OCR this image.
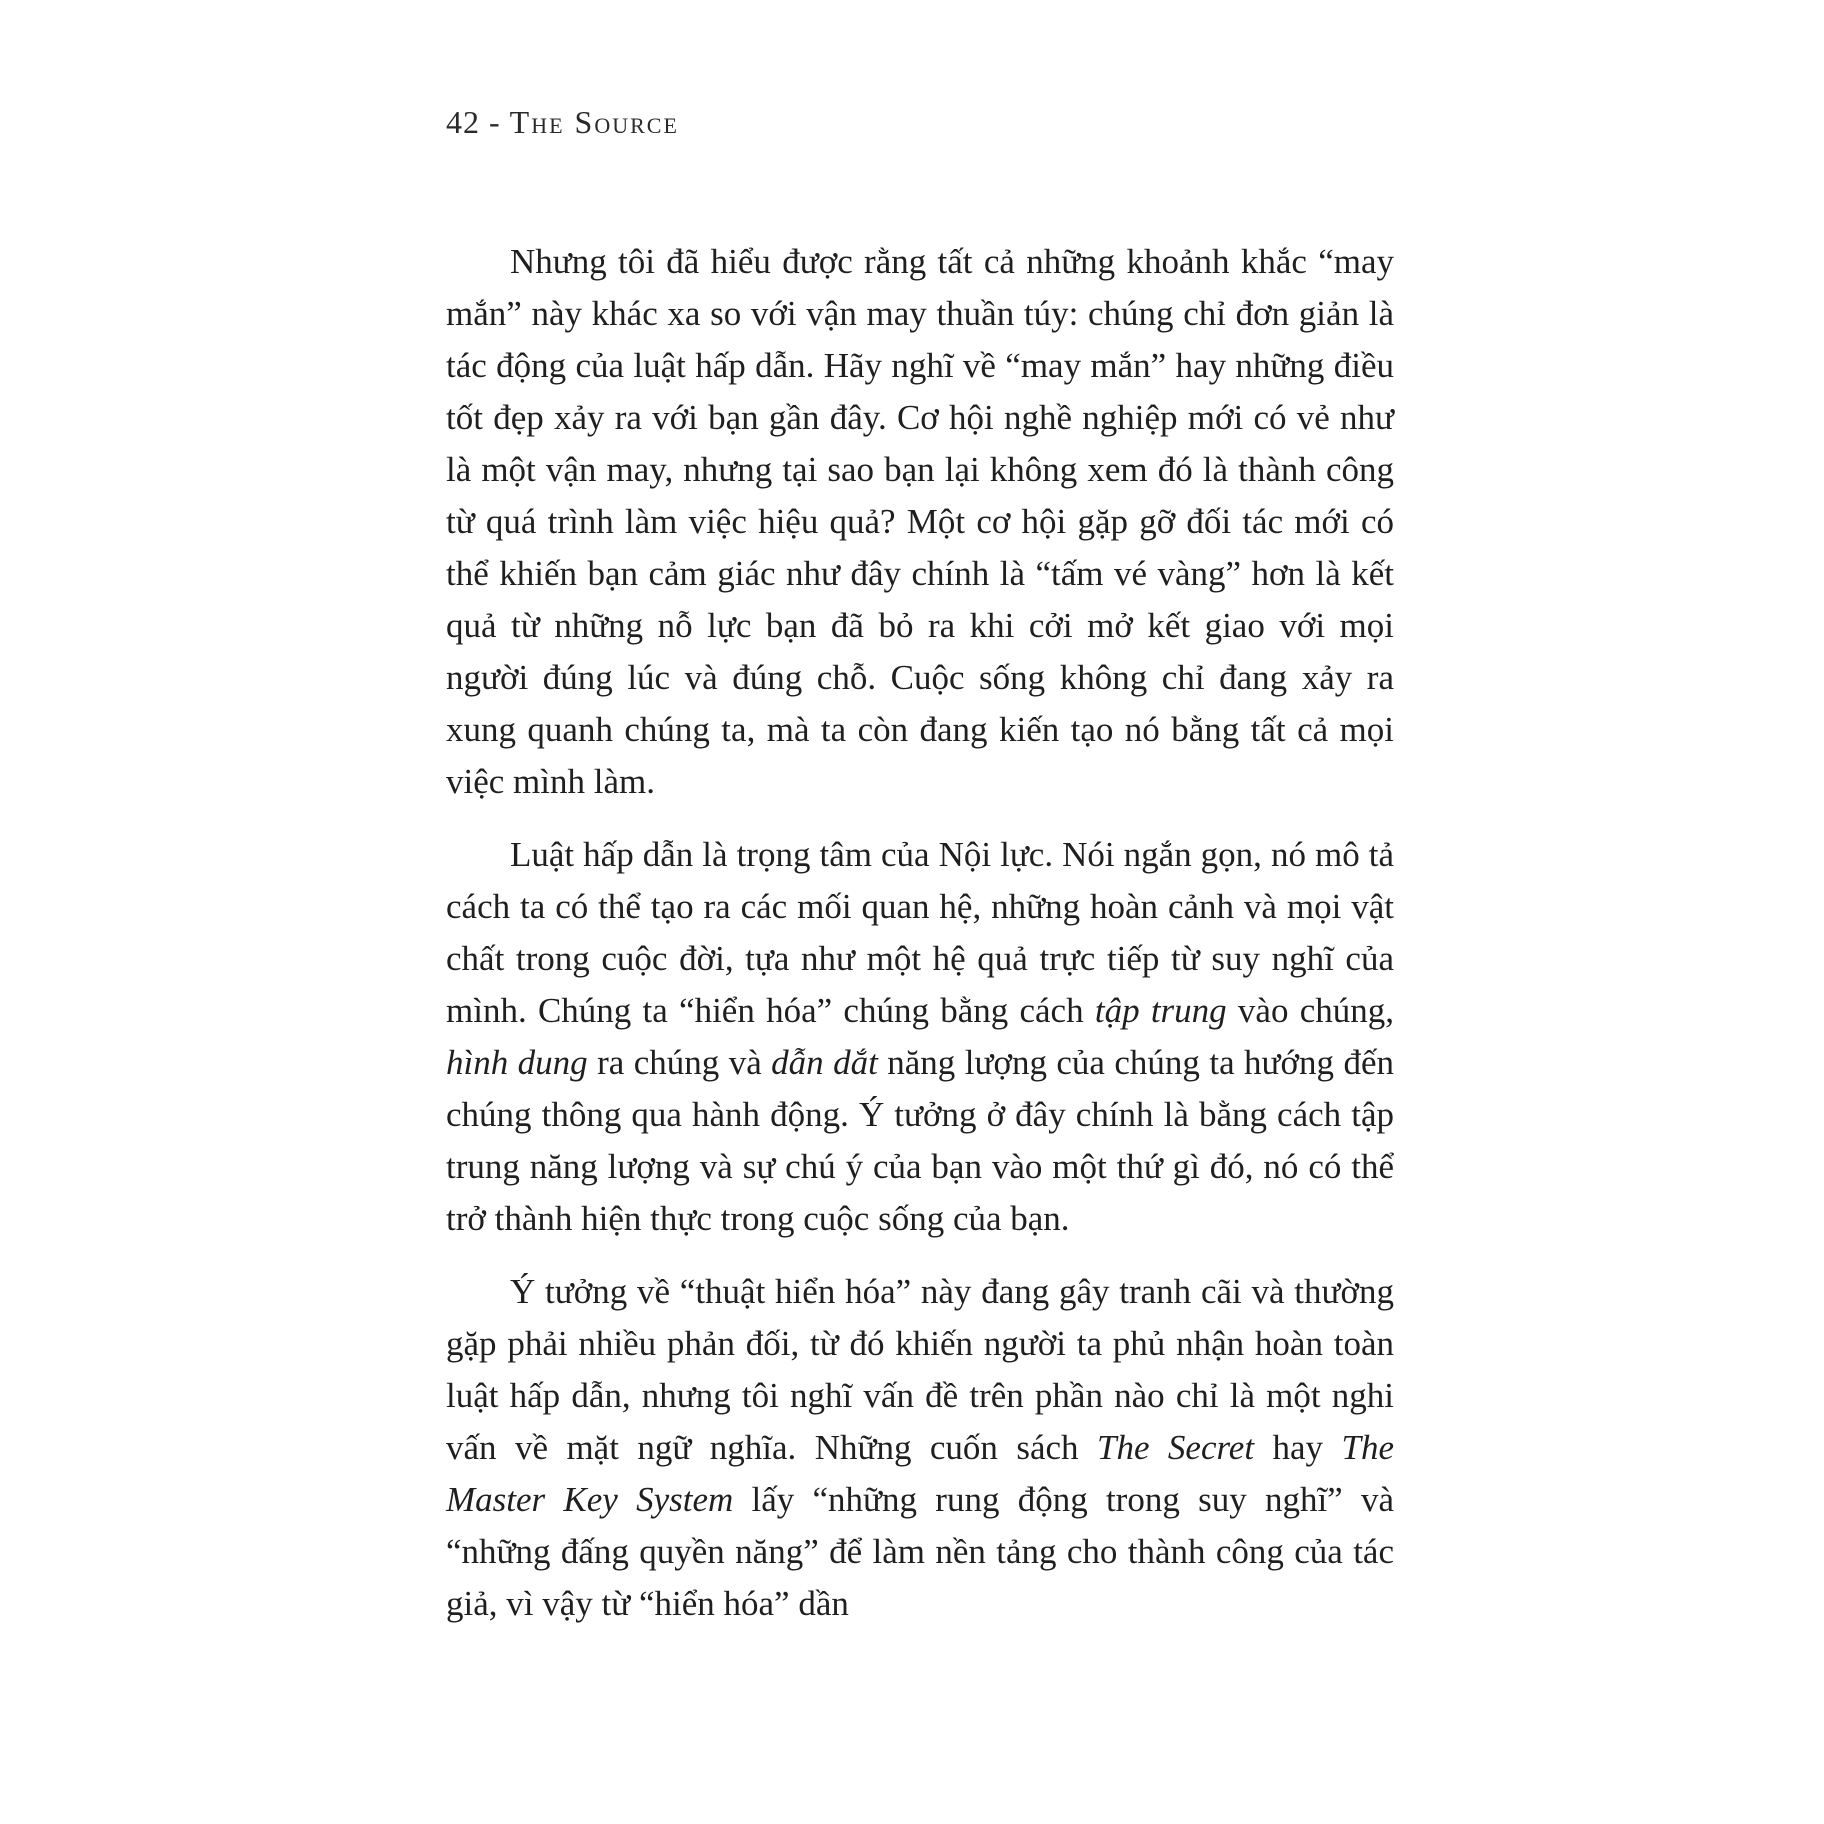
42 - The Source

Nhưng tôi đã hiểu được rằng tất cả những khoảnh khắc “may mắn” này khác xa so với vận may thuần túy: chúng chỉ đơn giản là tác động của luật hấp dẫn. Hãy nghĩ về “may mắn” hay những điều tốt đẹp xảy ra với bạn gần đây. Cơ hội nghề nghiệp mới có vẻ như là một vận may, nhưng tại sao bạn lại không xem đó là thành công từ quá trình làm việc hiệu quả? Một cơ hội gặp gỡ đối tác mới có thể khiến bạn cảm giác như đây chính là “tấm vé vàng” hơn là kết quả từ những nỗ lực bạn đã bỏ ra khi cởi mở kết giao với mọi người đúng lúc và đúng chỗ. Cuộc sống không chỉ đang xảy ra xung quanh chúng ta, mà ta còn đang kiến tạo nó bằng tất cả mọi việc mình làm.

Luật hấp dẫn là trọng tâm của Nội lực. Nói ngắn gọn, nó mô tả cách ta có thể tạo ra các mối quan hệ, những hoàn cảnh và mọi vật chất trong cuộc đời, tựa như một hệ quả trực tiếp từ suy nghĩ của mình. Chúng ta “hiển hóa” chúng bằng cách tập trung vào chúng, hình dung ra chúng và dẫn dắt năng lượng của chúng ta hướng đến chúng thông qua hành động. Ý tưởng ở đây chính là bằng cách tập trung năng lượng và sự chú ý của bạn vào một thứ gì đó, nó có thể trở thành hiện thực trong cuộc sống của bạn.

Ý tưởng về “thuật hiển hóa” này đang gây tranh cãi và thường gặp phải nhiều phản đối, từ đó khiến người ta phủ nhận hoàn toàn luật hấp dẫn, nhưng tôi nghĩ vấn đề trên phần nào chỉ là một nghi vấn về mặt ngữ nghĩa. Những cuốn sách The Secret hay The Master Key System lấy “những rung động trong suy nghĩ” và “những đấng quyền năng” để làm nền tảng cho thành công của tác giả, vì vậy từ “hiển hóa” dần
